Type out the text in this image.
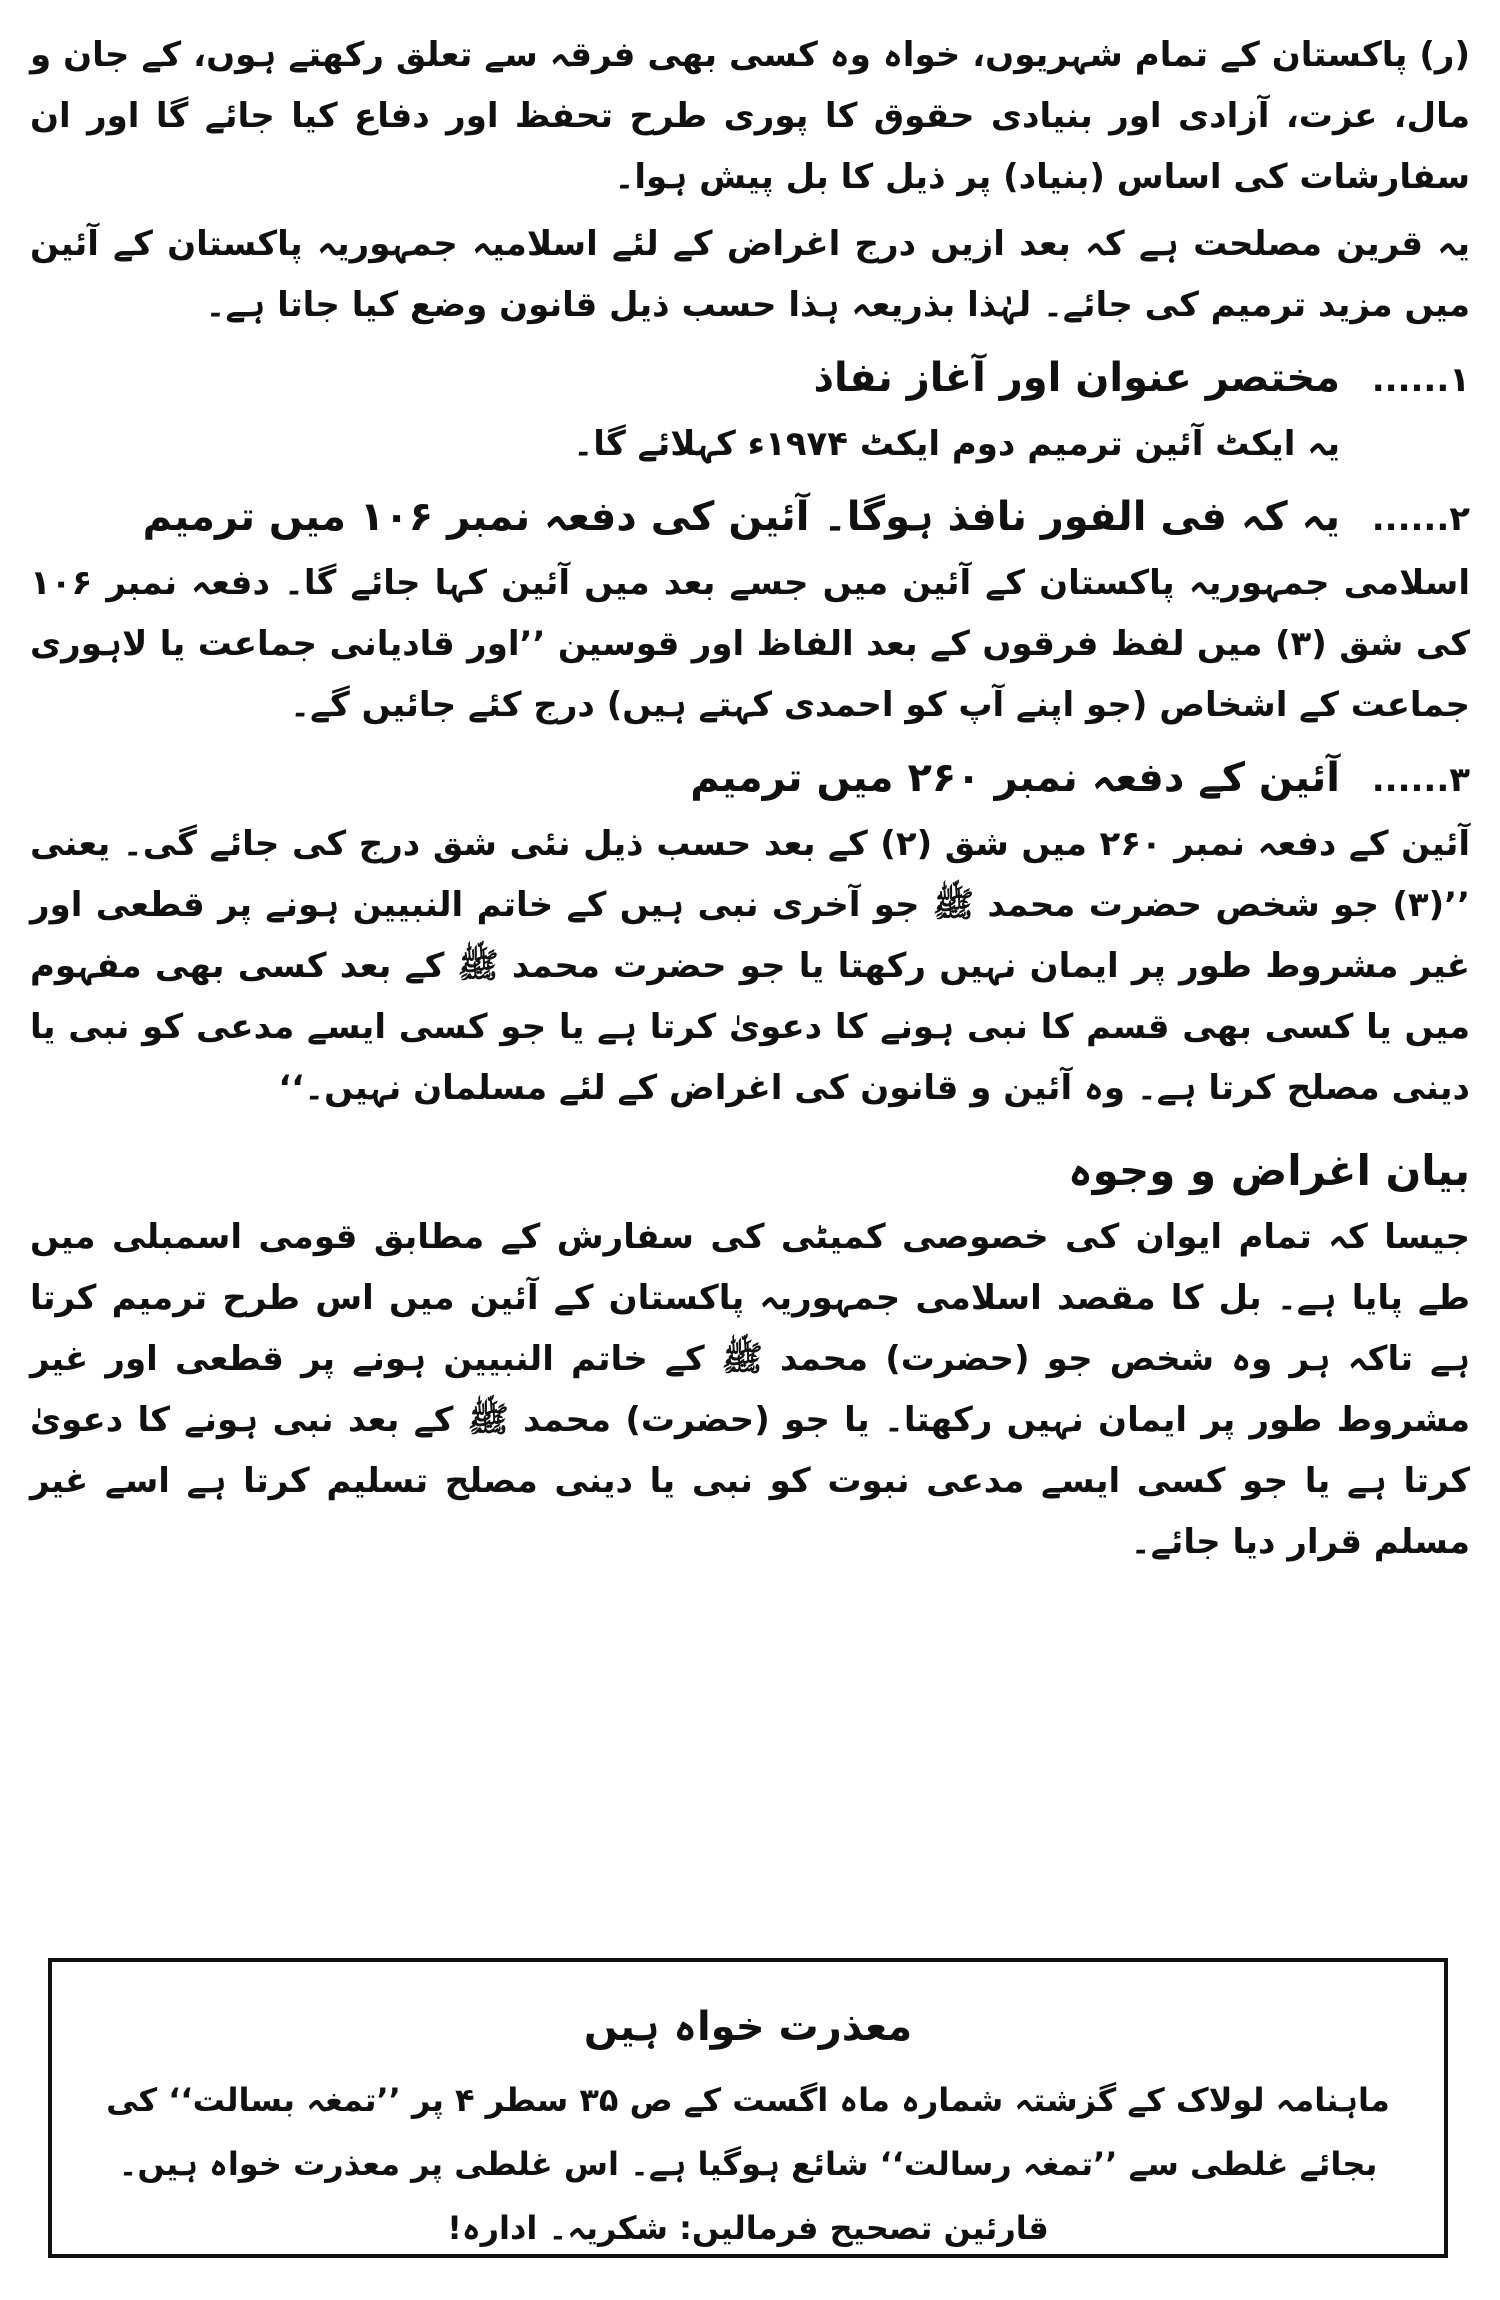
(ر) پاکستان کے تمام شہریوں، خواہ وہ کسی بھی فرقہ سے تعلق رکھتے ہوں، کے جان و مال، عزت، آزادی اور بنیادی حقوق کا پوری طرح تحفظ اور دفاع کیا جائے گا اور ان سفارشات کی اساس (بنیاد) پر ذیل کا بل پیش ہوا۔

یہ قرین مصلحت ہے کہ بعد ازیں درج اغراض کے لئے اسلامیہ جمہوریہ پاکستان کے آئین میں مزید ترمیم کی جائے۔ لہٰذا بذریعہ ہذا حسب ذیل قانون وضع کیا جاتا ہے۔

۱......
مختصر عنوان اور آغاز نفاذ

یہ ایکٹ آئین ترمیم دوم ایکٹ ۱۹۷۴ء کہلائے گا۔

۲......
یہ کہ فی الفور نافذ ہوگا۔ آئین کی دفعہ نمبر ۱۰۶ میں ترمیم

اسلامی جمہوریہ پاکستان کے آئین میں جسے بعد میں آئین کہا جائے گا۔ دفعہ نمبر ۱۰۶ کی شق (۳) میں لفظ فرقوں کے بعد الفاظ اور قوسین ’’اور قادیانی جماعت یا لاہوری جماعت کے اشخاص (جو اپنے آپ کو احمدی کہتے ہیں) درج کئے جائیں گے۔

۳......
آئین کے دفعہ نمبر ۲۶۰ میں ترمیم

آئین کے دفعہ نمبر ۲۶۰ میں شق (۲) کے بعد حسب ذیل نئی شق درج کی جائے گی۔ یعنی ’’(۳) جو شخص حضرت محمد ﷺ جو آخری نبی ہیں کے خاتم النبیین ہونے پر قطعی اور غیر مشروط طور پر ایمان نہیں رکھتا یا جو حضرت محمد ﷺ کے بعد کسی بھی مفہوم میں یا کسی بھی قسم کا نبی ہونے کا دعویٰ کرتا ہے یا جو کسی ایسے مدعی کو نبی یا دینی مصلح کرتا ہے۔ وہ آئین و قانون کی اغراض کے لئے مسلمان نہیں۔‘‘

بیان اغراض و وجوہ

جیسا کہ تمام ایوان کی خصوصی کمیٹی کی سفارش کے مطابق قومی اسمبلی میں طے پایا ہے۔ بل کا مقصد اسلامی جمہوریہ پاکستان کے آئین میں اس طرح ترمیم کرتا ہے تاکہ ہر وہ شخص جو (حضرت) محمد ﷺ کے خاتم النبیین ہونے پر قطعی اور غیر مشروط طور پر ایمان نہیں رکھتا۔ یا جو (حضرت) محمد ﷺ کے بعد نبی ہونے کا دعویٰ کرتا ہے یا جو کسی ایسے مدعی نبوت کو نبی یا دینی مصلح تسلیم کرتا ہے اسے غیر مسلم قرار دیا جائے۔

معذرت خواہ ہیں
ماہنامہ لولاک کے گزشتہ شمارہ ماہ اگست کے ص ۳۵ سطر ۴ پر ’’تمغہ بسالت‘‘ کی بجائے غلطی سے ’’تمغہ رسالت‘‘ شائع ہوگیا ہے۔ اس غلطی پر معذرت خواہ ہیں۔ قارئین تصحیح فرمالیں: شکریہ۔ ادارہ!
